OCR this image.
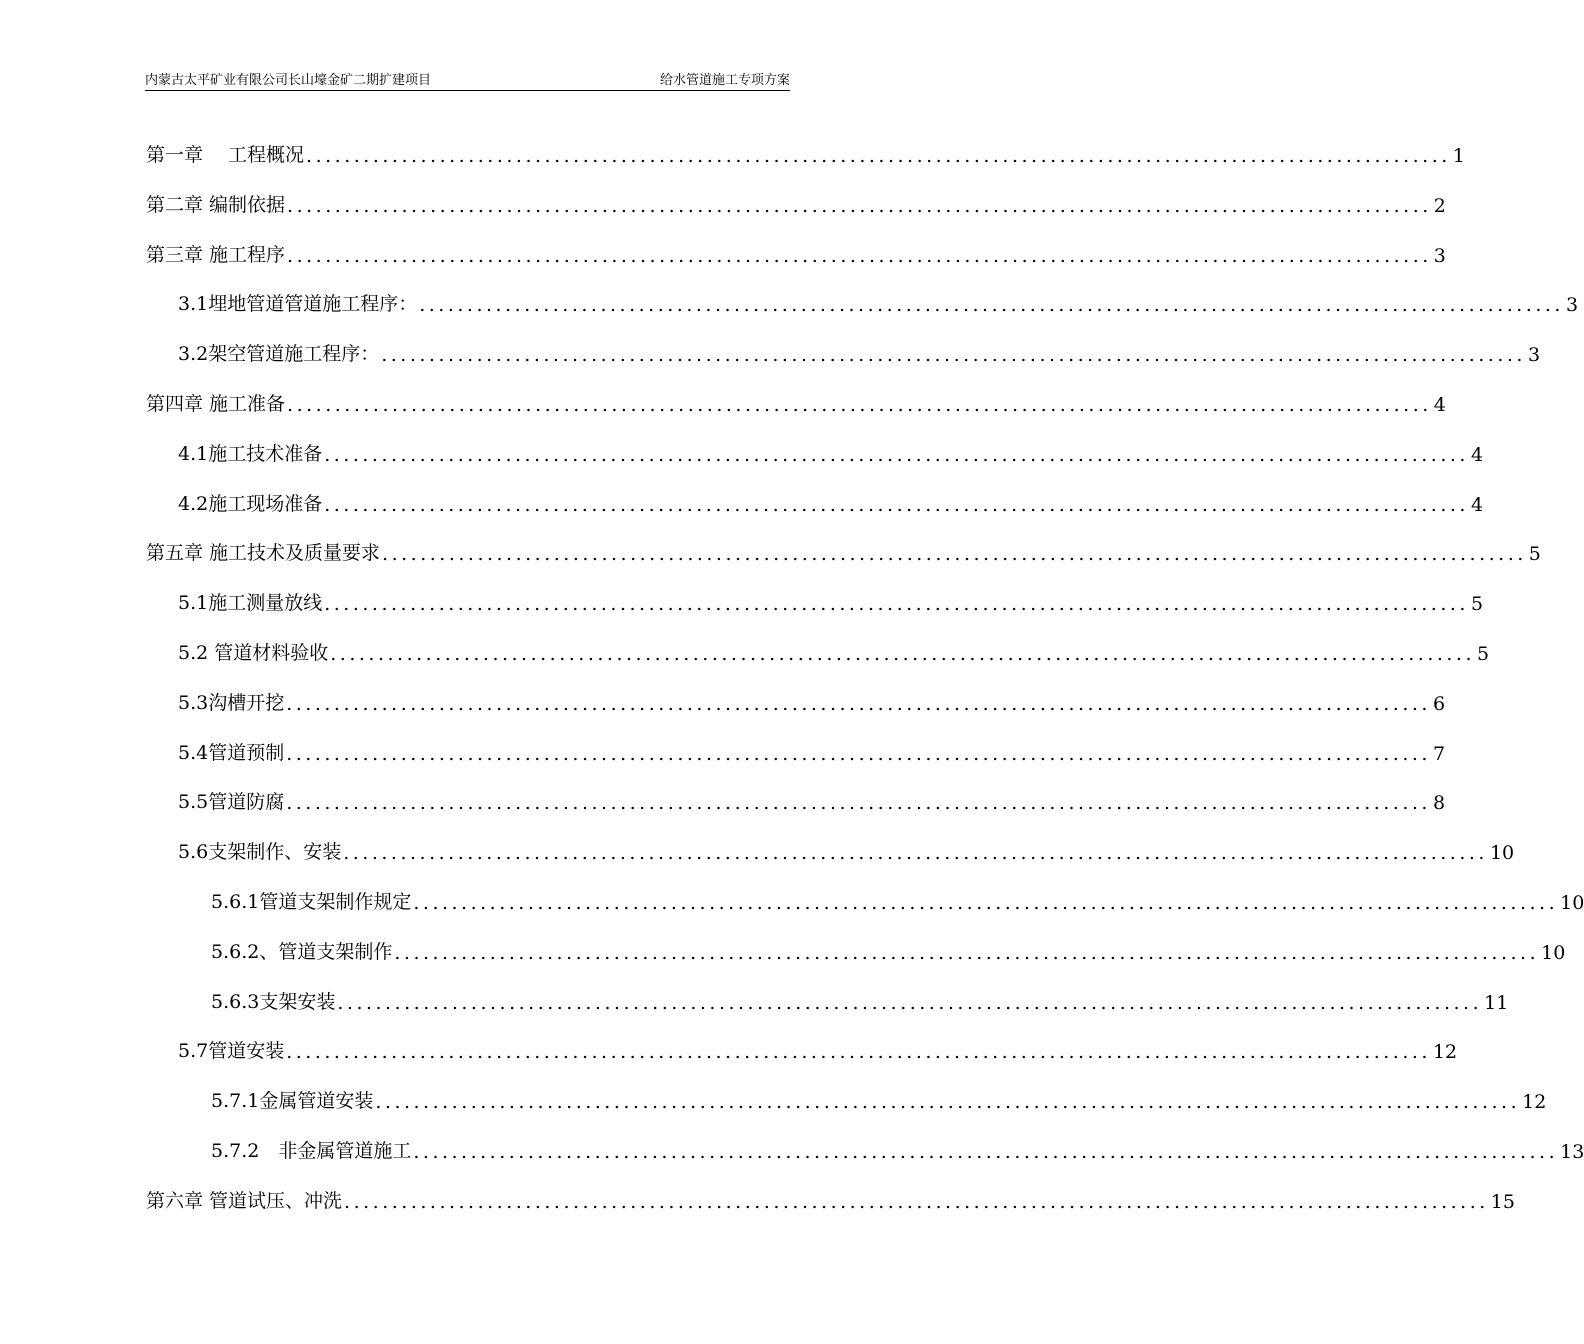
内蒙古太平矿业有限公司长山壕金矿二期扩建项目	给水管道施工专项方案
第一章　 工程概况 ........................................................................................................................ 1
第二章 编制依据 ........................................................................................................................ 2
第三章 施工程序 ........................................................................................................................ 3
3.1埋地管道管道施工程序： ........................................................................................................................ 3
3.2架空管道施工程序： ........................................................................................................................ 3
第四章 施工准备 ........................................................................................................................ 4
4.1施工技术准备 ........................................................................................................................ 4
4.2施工现场准备 ........................................................................................................................ 4
第五章 施工技术及质量要求 ........................................................................................................................ 5
5.1施工测量放线 ........................................................................................................................ 5
5.2 管道材料验收 ........................................................................................................................ 5
5.3沟槽开挖 ........................................................................................................................ 6
5.4管道预制 ........................................................................................................................ 7
5.5管道防腐 ........................................................................................................................ 8
5.6支架制作、安装 ........................................................................................................................ 10
5.6.1管道支架制作规定 ........................................................................................................................ 10
5.6.2、管道支架制作 ........................................................................................................................ 10
5.6.3支架安装 ........................................................................................................................ 11
5.7管道安装 ........................................................................................................................ 12
5.7.1金属管道安装 ........................................................................................................................ 12
5.7.2　非金属管道施工 ........................................................................................................................ 13
第六章 管道试压、冲洗 ........................................................................................................................ 15
